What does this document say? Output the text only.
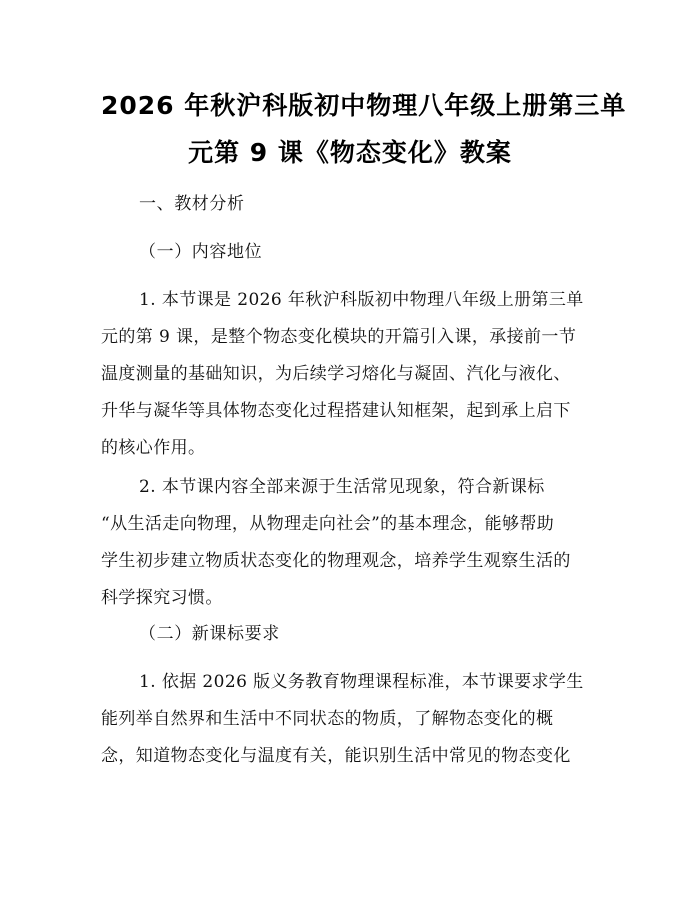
2026 年秋沪科版初中物理八年级上册第三单
元第 9 课《物态变化》教案
一、教材分析
（一）内容地位
1. 本节课是 2026 年秋沪科版初中物理八年级上册第三单
元的第 9 课，是整个物态变化模块的开篇引入课，承接前一节
温度测量的基础知识，为后续学习熔化与凝固、汽化与液化、
升华与凝华等具体物态变化过程搭建认知框架，起到承上启下
的核心作用。
2. 本节课内容全部来源于生活常见现象，符合新课标
“从生活走向物理，从物理走向社会”的基本理念，能够帮助
学生初步建立物质状态变化的物理观念，培养学生观察生活的
科学探究习惯。
（二）新课标要求
1. 依据 2026 版义务教育物理课程标准，本节课要求学生
能列举自然界和生活中不同状态的物质，了解物态变化的概
念，知道物态变化与温度有关，能识别生活中常见的物态变化
